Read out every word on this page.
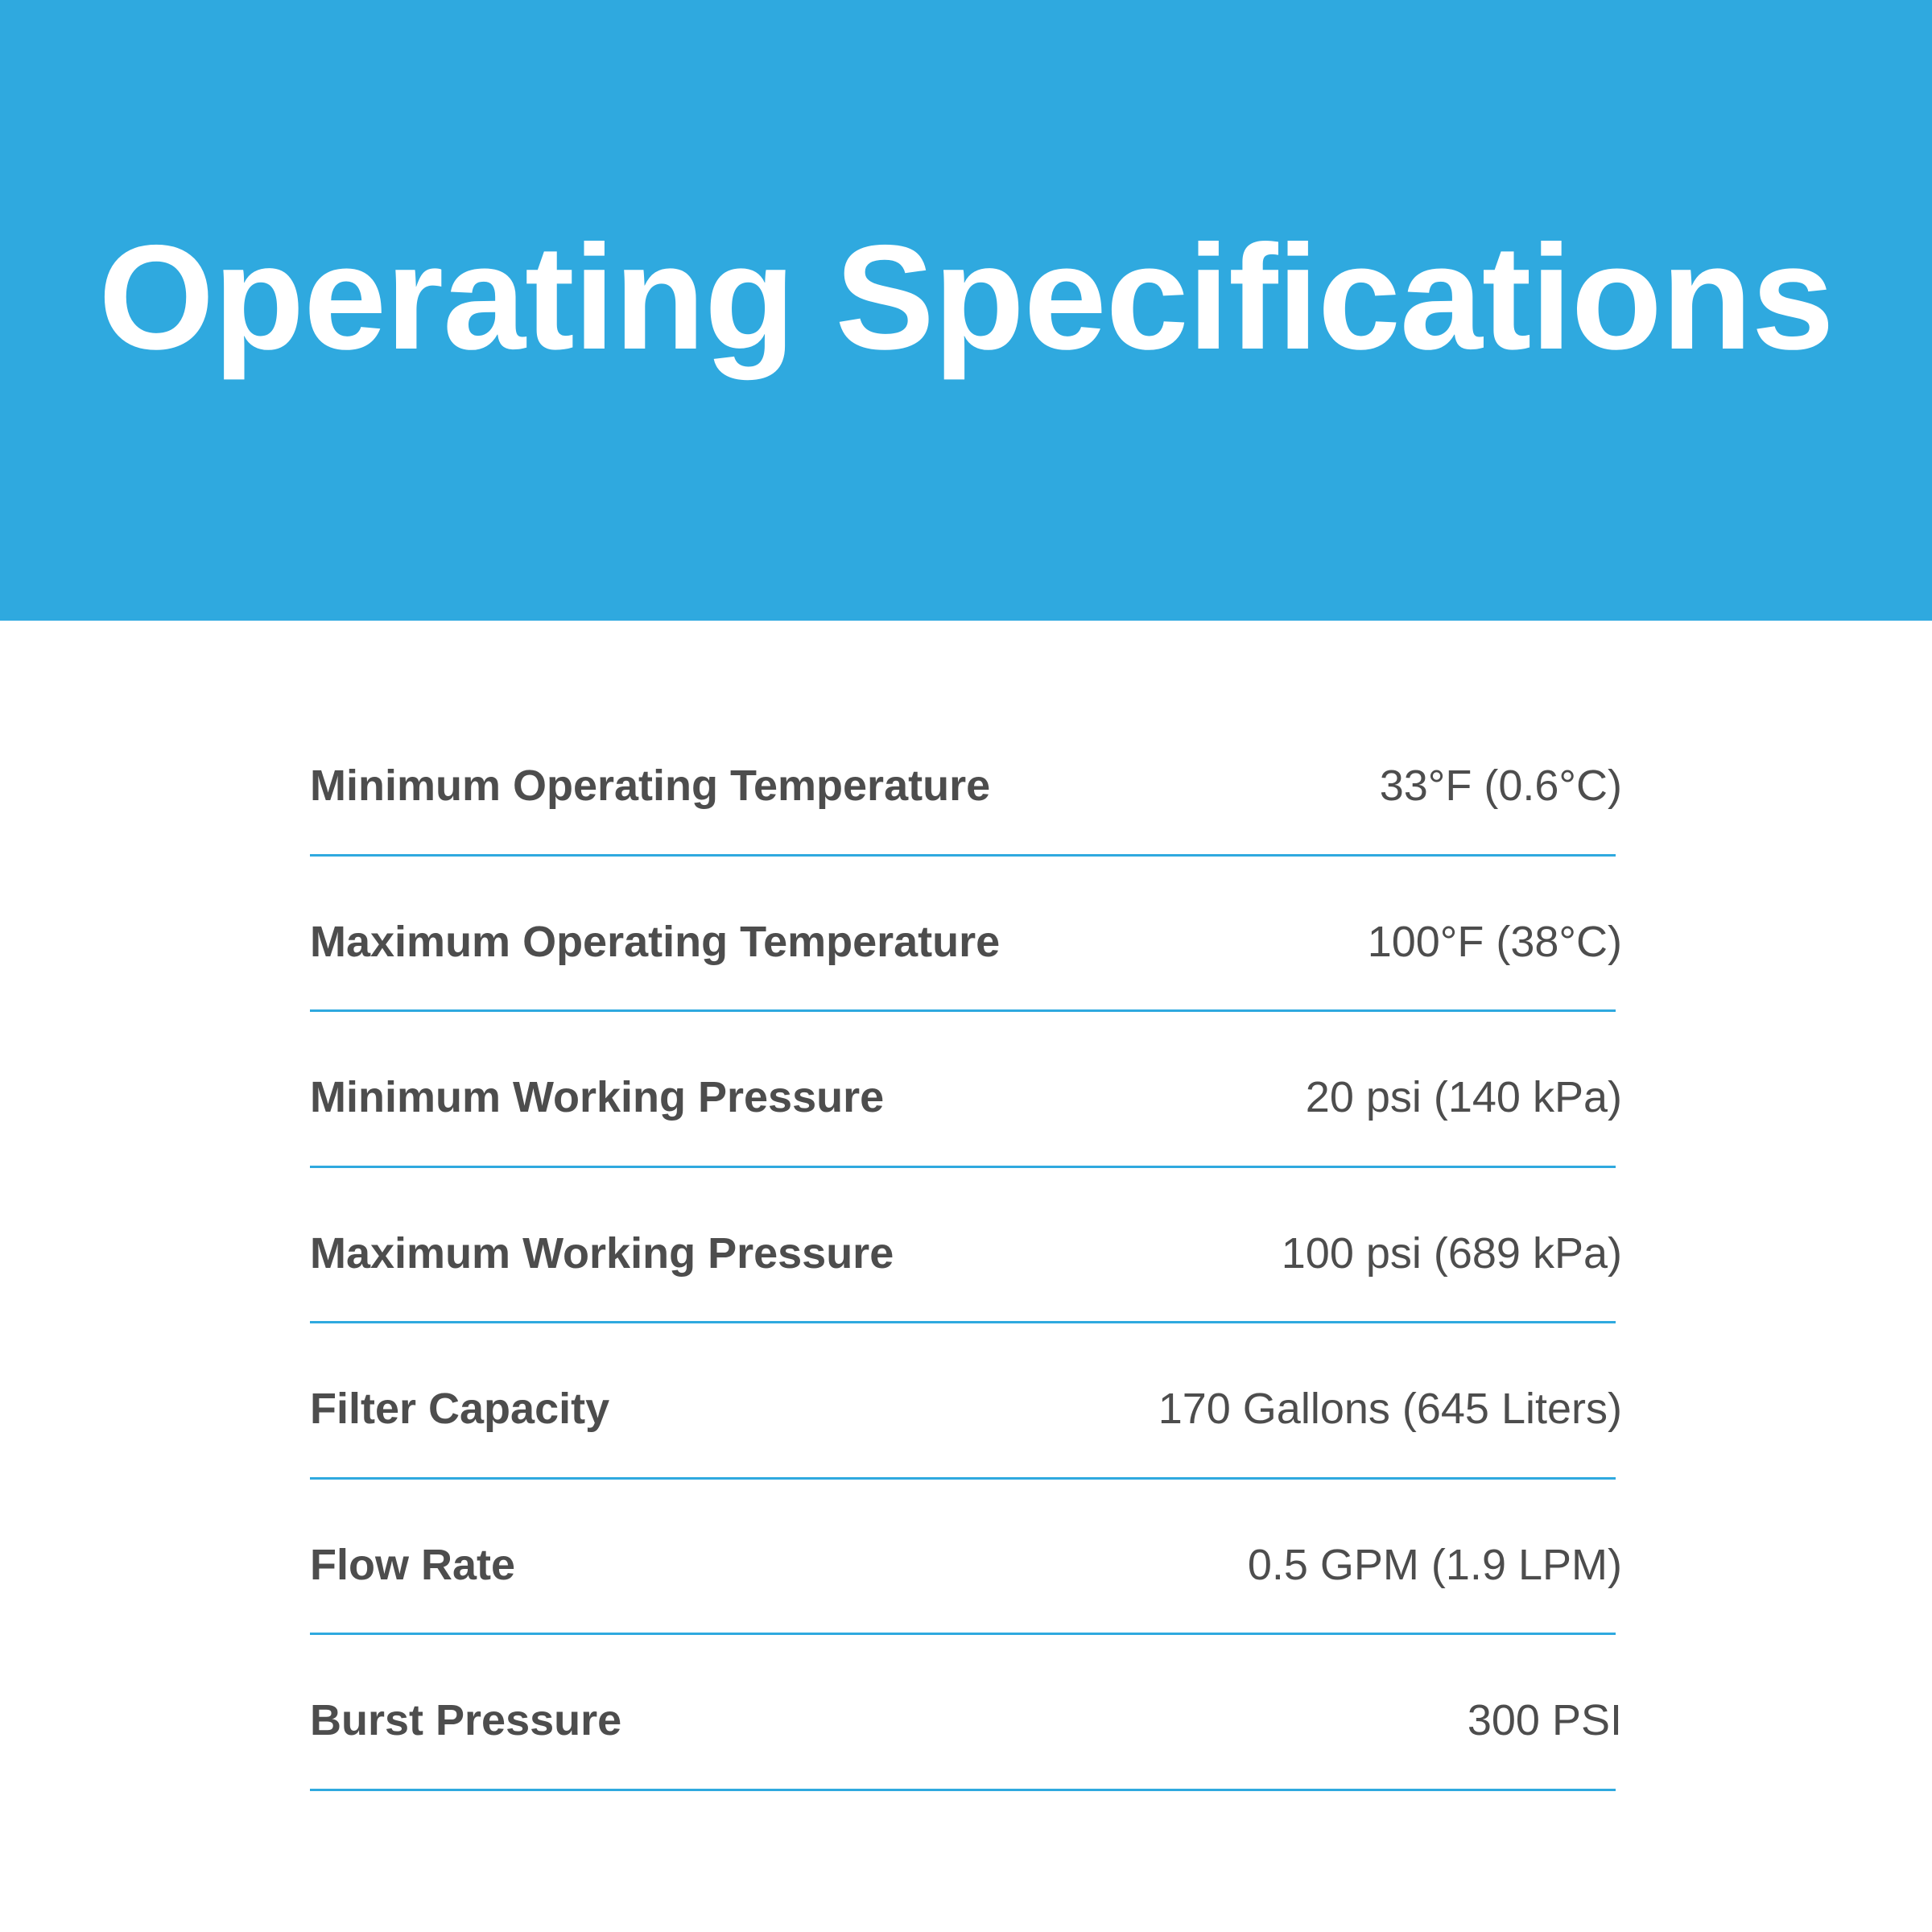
Operating Specifications
Minimum Operating Temperature	33°F (0.6°C)
Maximum Operating Temperature	100°F (38°C)
Minimum Working Pressure	20 psi (140 kPa)
Maximum Working Pressure	100 psi (689 kPa)
Filter Capacity	170 Gallons (645 Liters)
Flow Rate	0.5 GPM (1.9 LPM)
Burst Pressure	300 PSI
